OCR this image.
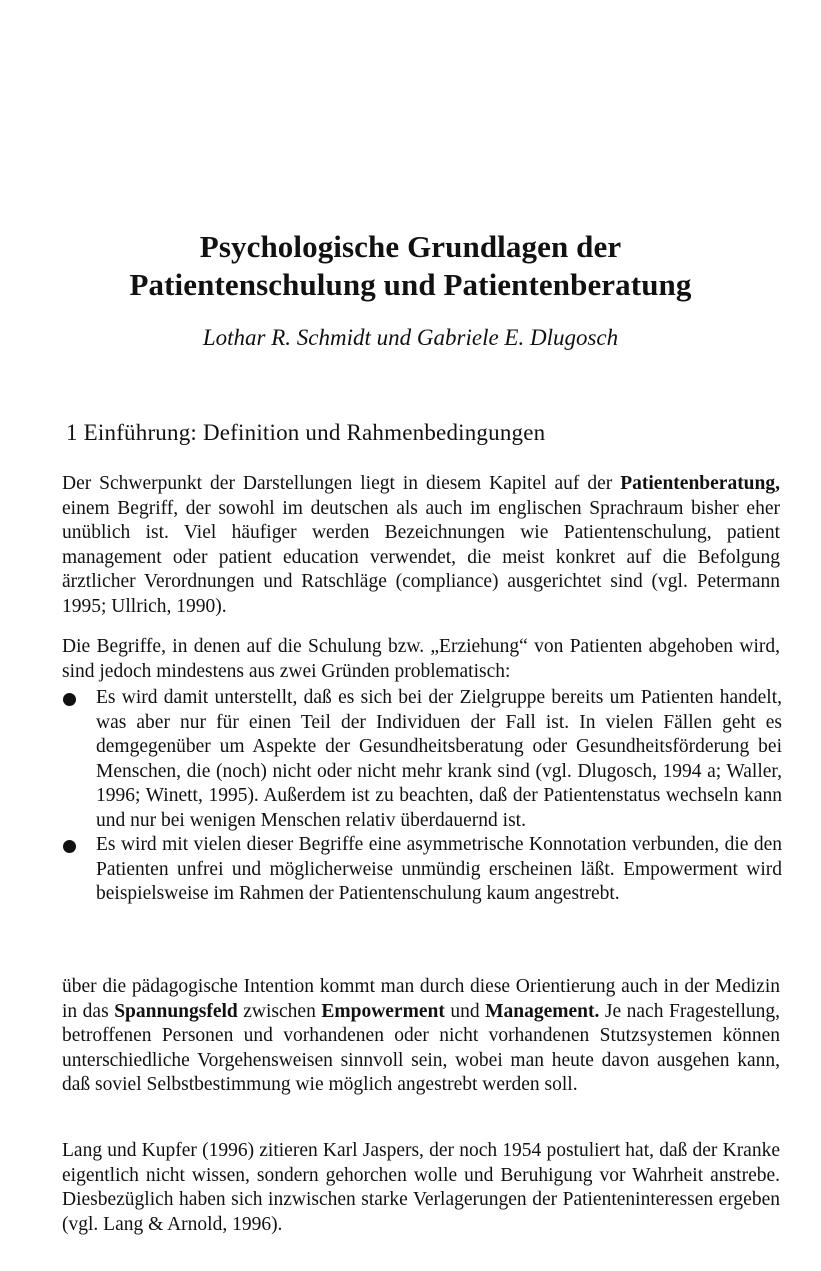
Psychologische Grundlagen der
Patientenschulung und Patientenberatung

Lothar R. Schmidt und Gabriele E. Dlugosch

1 Einführung: Definition und Rahmenbedingungen

Der Schwerpunkt der Darstellungen liegt in diesem Kapitel auf der Patientenberatung, einem Begriff, der sowohl im deutschen als auch im englischen Sprachraum bisher eher unüblich ist. Viel häufiger werden Bezeichnungen wie Patientenschulung, patient management oder patient education verwendet, die meist konkret auf die Befolgung ärztlicher Verordnungen und Ratschläge (compliance) ausgerichtet sind (vgl. Petermann 1995; Ullrich, 1990).

Die Begriffe, in denen auf die Schulung bzw. „Erziehung“ von Patienten abgehoben wird, sind jedoch mindestens aus zwei Gründen problematisch:

Es wird damit unterstellt, daß es sich bei der Zielgruppe bereits um Patienten handelt, was aber nur für einen Teil der Individuen der Fall ist. In vielen Fällen geht es demgegenüber um Aspekte der Gesundheitsberatung oder Gesundheitsförderung bei Menschen, die (noch) nicht oder nicht mehr krank sind (vgl. Dlugosch, 1994 a; Waller, 1996; Winett, 1995). Außerdem ist zu beachten, daß der Patientenstatus wechseln kann und nur bei wenigen Menschen relativ überdauernd ist.
Es wird mit vielen dieser Begriffe eine asymmetrische Konnotation verbunden, die den Patienten unfrei und möglicherweise unmündig erscheinen läßt. Empowerment wird beispielsweise im Rahmen der Patientenschulung kaum angestrebt.

über die pädagogische Intention kommt man durch diese Orientierung auch in der Medizin in das Spannungsfeld zwischen Empowerment und Management. Je nach Fragestellung, betroffenen Personen und vorhandenen oder nicht vorhandenen Stutzsystemen können unterschiedliche Vorgehensweisen sinnvoll sein, wobei man heute davon ausgehen kann, daß soviel Selbstbestimmung wie möglich angestrebt werden soll.

Lang und Kupfer (1996) zitieren Karl Jaspers, der noch 1954 postuliert hat, daß der Kranke eigentlich nicht wissen, sondern gehorchen wolle und Beruhigung vor Wahrheit anstrebe. Diesbezüglich haben sich inzwischen starke Verlagerungen der Patienteninteressen ergeben (vgl. Lang & Arnold, 1996).
